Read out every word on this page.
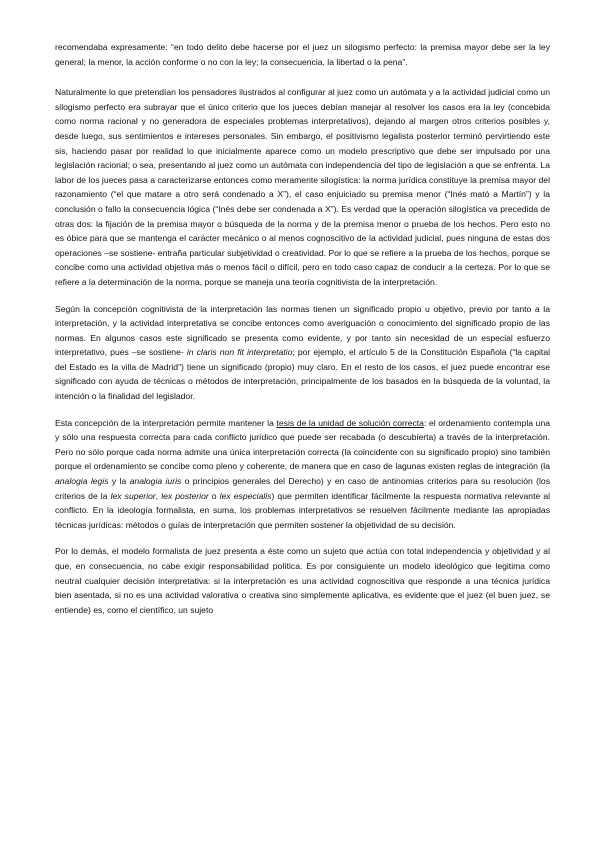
recomendaba expresamente: “en todo delito debe hacerse por el juez un silogismo perfecto: la premisa mayor debe ser la ley general; la menor, la acción conforme o no con la ley; la consecuencia, la libertad o la pena”.

Naturalmente lo que pretendían los pensadores ilustrados al configurar al juez como un autómata y a la actividad judicial como un silogismo perfecto era subrayar que el único criterio que los jueces debían manejar al resolver los casos era la ley (concebida como norma racional y no generadora de especiales problemas interpretativos), dejando al margen otros criterios posibles y, desde luego, sus sentimientos e intereses personales. Sin embargo, el positivismo legalista posterior terminó pervirtiendo este sis, haciendo pasar por realidad lo que inicialmente aparece como un modelo prescriptivo que debe ser impulsado por una legislación racional; o sea, presentando al juez como un autómata con independencia del tipo de legislación a que se enfrenta. La labor de los jueces pasa a caracterizarse entonces como meramente silogística: la norma jurídica constituye la premisa mayor del razonamiento (“el que matare a otro será condenado a X”), el caso enjuiciado su premisa menor (“Inés mató a Martín”) y la conclusión o fallo la consecuencia lógica (“Inés debe ser condenada a X”). Es verdad que la operación silogística va precedida de otras dos: la fijación de la premisa mayor o búsqueda de la norma y de la premisa menor o prueba de los hechos. Pero esto no es óbice para que se mantenga el carácter mecánico o al menos cognoscitivo de la actividad judicial, pues ninguna de estas dos operaciones –se sostiene- entraña particular subjetividad o creatividad. Por lo que se refiere a la prueba de los hechos, porque se concibe como una actividad objetiva más o menos fácil o difícil, pero en todo caso capaz de conducir a la certeza. Por lo que se refiere a la determinación de la norma, porque se maneja una teoría cognitivista de la interpretación.

Según la concepción cognitivista de la interpretación las normas tienen un significado propio u objetivo, previo por tanto a la interpretación, y la actividad interpretativa se concibe entonces como averiguación o conocimiento del significado propio de las normas. En algunos casos este significado se presenta como evidente, y por tanto sin necesidad de un especial esfuerzo interpretativo, pues –se sostiene- in claris non fit interpretatio; por ejemplo, el artículo 5 de la Constitución Española (“la capital del Estado es la villa de Madrid”) tiene un significado (propio) muy claro. En el resto de los casos, el juez puede encontrar ese significado con ayuda de técnicas o métodos de interpretación, principalmente de los basados en la búsqueda de la voluntad, la intención o la finalidad del legislador.

Esta concepción de la interpretación permite mantener la tesis de la unidad de solución correcta: el ordenamiento contempla una y sólo una respuesta correcta para cada conflicto jurídico que puede ser recabada (o descubierta) a través de la interpretación. Pero no sólo porque cada norma admite una única interpretación correcta (la coincidente con su significado propio) sino también porque el ordenamiento se concibe como pleno y coherente, de manera que en caso de lagunas existen reglas de integración (la analogia legis y la analogia iuris o principios generales del Derecho) y en caso de antinomias criterios para su resolución (los criterios de la lex superior, lex posterior o lex especialis) que permiten identificar fácilmente la respuesta normativa relevante al conflicto. En la ideología formalista, en suma, los problemas interpretativos se resuelven fácilmente mediante las apropiadas técnicas jurídicas: métodos o guías de interpretación que permiten sostener la objetividad de su decisión.

Por lo demás, el modelo formalista de juez presenta a éste como un sujeto que actúa con total independencia y objetividad y al que, en consecuencia, no cabe exigir responsabilidad política. Es por consiguiente un modelo ideológico que legitima como neutral cualquier decisión interpretativa: si la interpretación es una actividad cognoscitiva que responde a una técnica jurídica bien asentada, si no es una actividad valorativa o creativa sino simplemente aplicativa, es evidente que el juez (el buen juez, se entiende) es, como el científico, un sujeto
